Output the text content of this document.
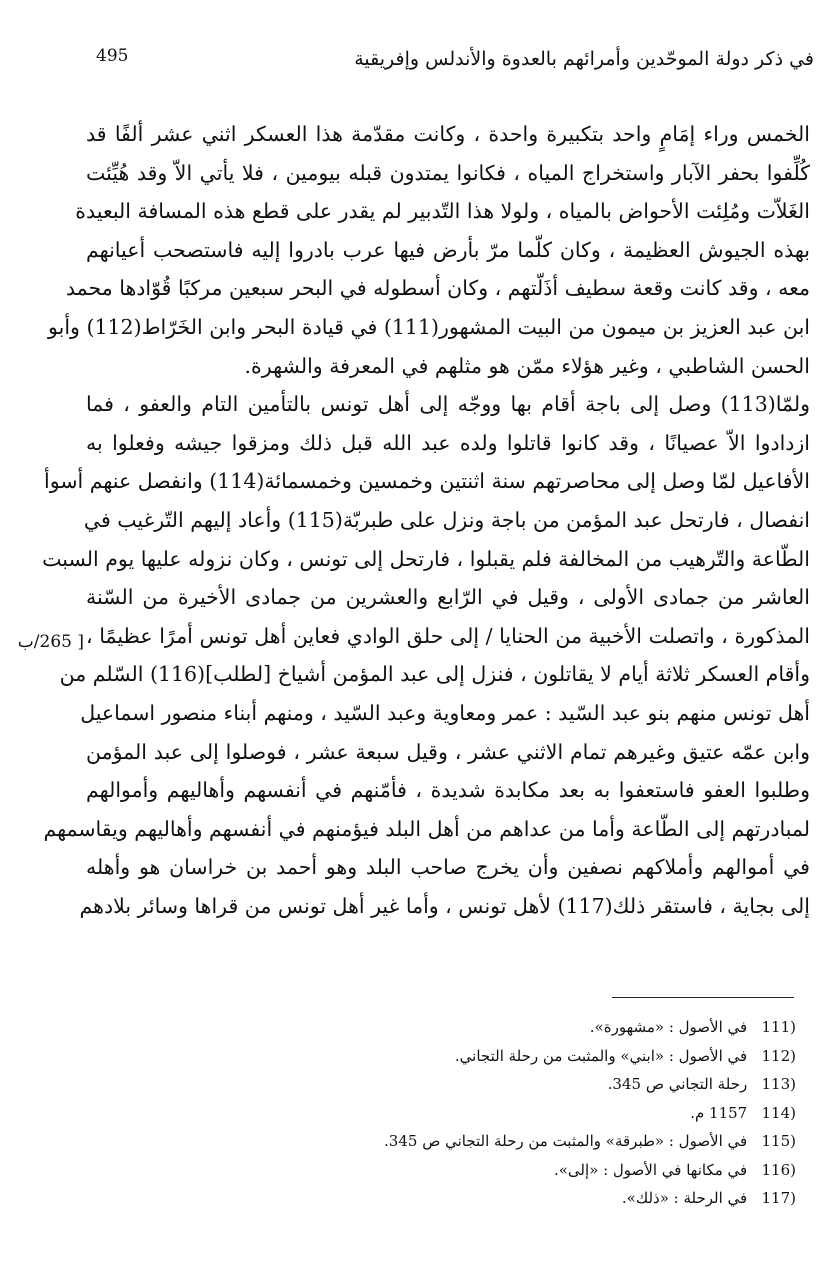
495	في ذكر دولة الموحّدين وأمرائهم بالعدوة والأندلس وإفريقية
الخمس وراء إمَامٍ واحد بتكبيرة واحدة ، وكانت مقدّمة هذا العسكر اثني عشر ألفًا قد
كُلِّفوا بحفر الآبار واستخراج المياه ، فكانوا يمتدون قبله بيومين ، فلا يأتي الاّ وقد هُيِّئت
الغَلاّت ومُلِئت الأحواض بالمياه ، ولولا هذا التّدبير لم يقدر على قطع هذه المسافة البعيدة
بهذه الجيوش العظيمة ، وكان كلّما مرّ بأرض فيها عرب بادروا إليه فاستصحب أعيانهم
معه ، وقد كانت وقعة سطيف أذَلّتهم ، وكان أسطوله في البحر سبعين مركبًا قُوّادها محمد
ابن عبد العزيز بن ميمون من البيت المشهور(111) في قيادة البحر وابن الخَرّاط(112) وأبو
الحسن الشاطبي ، وغير هؤلاء ممّن هو مثلهم في المعرفة والشهرة.
ولمّا(113) وصل إلى باجة أقام بها ووجّه إلى أهل تونس بالتأمين التام والعفو ، فما
ازدادوا الاّ عصيانًا ، وقد كانوا قاتلوا ولده عبد الله قبل ذلك ومزقوا جيشه وفعلوا به
الأفاعيل لمّا وصل إلى محاصرتهم سنة اثنتين وخمسين وخمسمائة(114) وانفصل عنهم أسوأ
انفصال ، فارتحل عبد المؤمن من باجة ونزل على طبربّة(115) وأعاد إليهم التّرغيب في
الطّاعة والتّرهيب من المخالفة فلم يقبلوا ، فارتحل إلى تونس ، وكان نزوله عليها يوم السبت
العاشر من جمادى الأولى ، وقيل في الرّابع والعشرين من جمادى الأخيرة من السّنة
المذكورة ، واتصلت الأخبية من الحنايا / إلى حلق الوادي فعاين أهل تونس أمرًا عظيمًا ،
وأقام العسكر ثلاثة أيام لا يقاتلون ، فنزل إلى عبد المؤمن أشياخ [لطلب](116) السّلم من
أهل تونس منهم بنو عبد السّيد : عمر ومعاوية وعبد السّيد ، ومنهم أبناء منصور اسماعيل
وابن عمّه عتيق وغيرهم تمام الاثني عشر ، وقيل سبعة عشر ، فوصلوا إلى عبد المؤمن
وطلبوا العفو فاستعفوا به بعد مكابدة شديدة ، فأمّنهم في أنفسهم وأهاليهم وأموالهم
لمبادرتهم إلى الطّاعة وأما من عداهم من أهل البلد فيؤمنهم في أنفسهم وأهاليهم ويقاسمهم
في أموالهم وأملاكهم نصفين وأن يخرج صاحب البلد وهو أحمد بن خراسان هو وأهله
إلى بجاية ، فاستقر ذلك(117) لأهل تونس ، وأما غير أهل تونس من قراها وسائر بلادهم
[ 265/ب
(111 في الأصول : «مشهورة».
(112 في الأصول : «ابني» والمثبت من رحلة التجاني.
(113 رحلة التجاني ص 345.
(114 1157 م.
(115 في الأصول : «طبرقة» والمثبت من رحلة التجاني ص 345.
(116 في مكانها في الأصول : «إلى».
(117 في الرحلة : «ذلك».
